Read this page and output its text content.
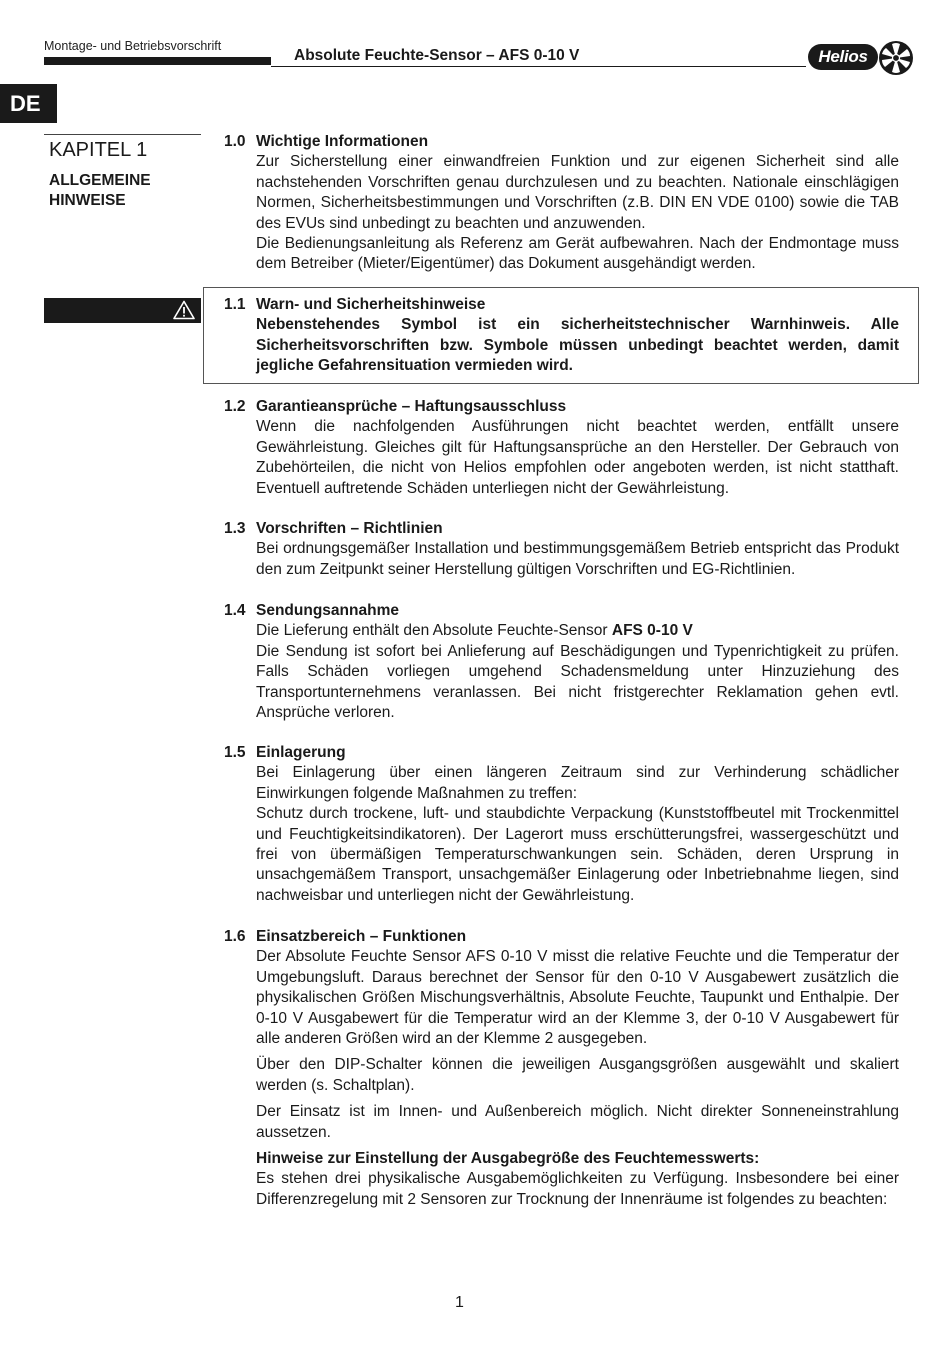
Montage- und Betriebsvorschrift
Absolute Feuchte-Sensor – AFS 0-10 V	Helios
DE
KAPITEL 1
ALLGEMEINE
HINWEISE
1.0 Wichtige Informationen

Zur Sicherstellung einer einwandfreien Funktion und zur eigenen Sicherheit sind alle nachstehenden Vorschriften genau durchzulesen und zu beachten. Nationale einschlägigen Normen, Sicherheitsbestimmungen und Vorschriften (z.B. DIN EN VDE 0100) sowie die TAB des EVUs sind unbedingt zu beachten und anzuwenden.

Die Bedienungsanleitung als Referenz am Gerät aufbewahren. Nach der Endmontage muss dem Betreiber (Mieter/Eigentümer) das Dokument ausgehändigt werden.

1.1 Warn- und Sicherheitshinweise

Nebenstehendes Symbol ist ein sicherheitstechnischer Warnhinweis. Alle Sicherheitsvorschriften bzw. Symbole müssen unbedingt beachtet werden, damit jegliche Gefahrensituation vermieden wird.

1.2 Garantieansprüche – Haftungsausschluss

Wenn die nachfolgenden Ausführungen nicht beachtet werden, entfällt unsere Gewährleistung. Gleiches gilt für Haftungsansprüche an den Hersteller. Der Gebrauch von Zubehörteilen, die nicht von Helios empfohlen oder angeboten werden, ist nicht statthaft. Eventuell auftretende Schäden unterliegen nicht der Gewährleistung.

1.3 Vorschriften – Richtlinien

Bei ordnungsgemäßer Installation und bestimmungsgemäßem Betrieb entspricht das Produkt den zum Zeitpunkt seiner Herstellung gültigen Vorschriften und EG-Richtlinien.

1.4 Sendungsannahme

Die Lieferung enthält den Absolute Feuchte-Sensor AFS 0-10 V

Die Sendung ist sofort bei Anlieferung auf Beschädigungen und Typenrichtigkeit zu prüfen. Falls Schäden vorliegen umgehend Schadensmeldung unter Hinzuziehung des Transportunternehmens veranlassen. Bei nicht fristgerechter Reklamation gehen evtl. Ansprüche verloren.

1.5 Einlagerung

Bei Einlagerung über einen längeren Zeitraum sind zur Verhinderung schädlicher Einwirkungen folgende Maßnahmen zu treffen:

Schutz durch trockene, luft- und staubdichte Verpackung (Kunststoffbeutel mit Trockenmittel und Feuchtigkeitsindikatoren). Der Lagerort muss erschütterungsfrei, wassergeschützt und frei von übermäßigen Temperaturschwankungen sein. Schäden, deren Ursprung in unsachgemäßem Transport, unsachgemäßer Einlagerung oder Inbetriebnahme liegen, sind nachweisbar und unterliegen nicht der Gewährleistung.

1.6 Einsatzbereich – Funktionen

Der Absolute Feuchte Sensor AFS 0-10 V misst die relative Feuchte und die Temperatur der Umgebungsluft. Daraus berechnet der Sensor für den 0-10 V Ausgabewert zusätzlich die physikalischen Größen Mischungsverhältnis, Absolute Feuchte, Taupunkt und Enthalpie. Der 0-10 V Ausgabewert für die Temperatur wird an der Klemme 3, der 0-10 V Ausgabewert für alle anderen Größen wird an der Klemme 2 ausgegeben.

Über den DIP-Schalter können die jeweiligen Ausgangsgrößen ausgewählt und skaliert werden (s. Schaltplan).

Der Einsatz ist im Innen- und Außenbereich möglich. Nicht direkter Sonneneinstrahlung aussetzen.

Hinweise zur Einstellung der Ausgabegröße des Feuchtemesswerts:

Es stehen drei physikalische Ausgabemöglichkeiten zu Verfügung. Insbesondere bei einer Differenzregelung mit 2 Sensoren zur Trocknung der Innenräume ist folgendes zu beachten:

1
